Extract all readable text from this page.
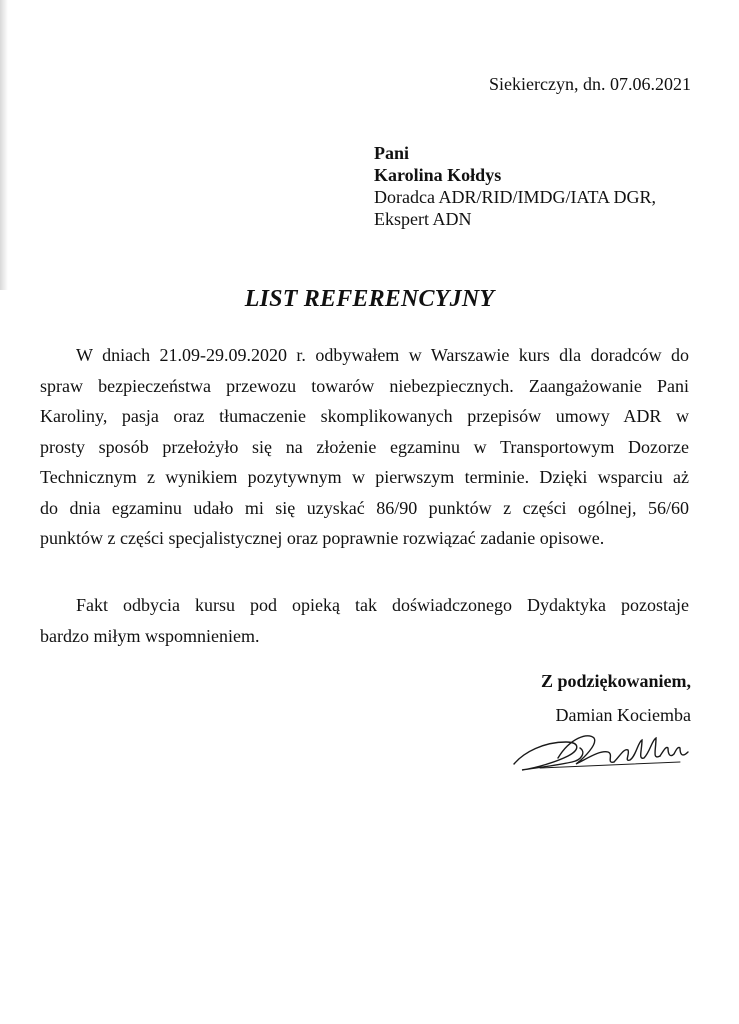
Siekierczyn, dn. 07.06.2021
Pani
Karolina Kołdys
Doradca ADR/RID/IMDG/IATA DGR,
Ekspert ADN
LIST REFERENCYJNY
W dniach 21.09-29.09.2020 r. odbywałem w Warszawie kurs dla doradców do
spraw bezpieczeństwa przewozu towarów niebezpiecznych. Zaangażowanie Pani
Karoliny, pasja oraz tłumaczenie skomplikowanych przepisów umowy ADR w
prosty sposób przełożyło się na złożenie egzaminu w Transportowym Dozorze
Technicznym z wynikiem pozytywnym w pierwszym terminie. Dzięki wsparciu aż
do dnia egzaminu udało mi się uzyskać 86/90 punktów z części ogólnej, 56/60
punktów z części specjalistycznej oraz poprawnie rozwiązać zadanie opisowe.
Fakt odbycia kursu pod opieką tak doświadczonego Dydaktyka pozostaje
bardzo miłym wspomnieniem.
Z podziękowaniem,
Damian Kociemba
